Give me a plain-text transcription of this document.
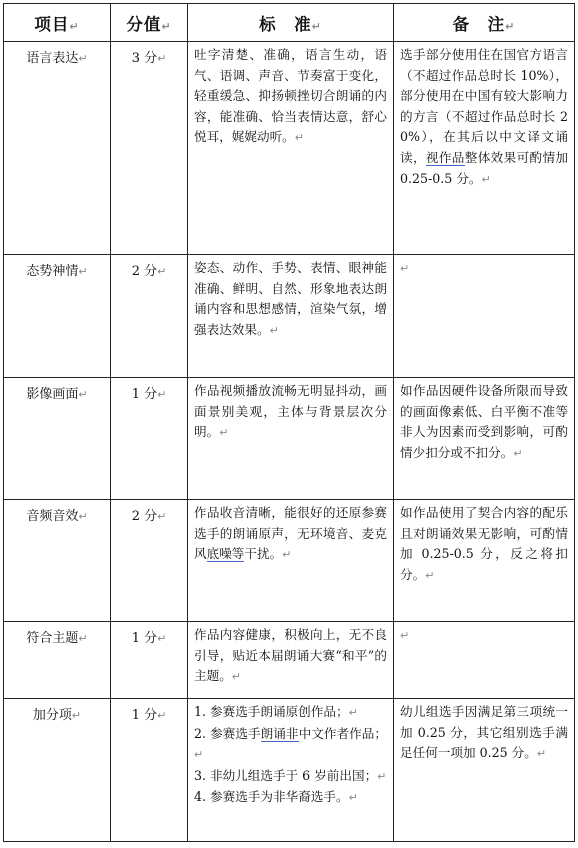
项目↵	分值↵	标　准↵	备　注↵
语言表达↵	3 分↵	吐字清楚、准确，语言生动，语气、语调、声音、节奏富于变化，轻重缓急、抑扬顿挫切合朗诵的内容，能准确、恰当表情达意，舒心悦耳，娓娓动听。↵	选手部分使用住在国官方语言（不超过作品总时长 10%），部分使用在中国有较大影响力的方言（不超过作品总时长 20%），在其后以中文译文诵读，视作品整体效果可酌情加 0.25-0.5 分。↵
态势神情↵	2 分↵	姿态、动作、手势、表情、眼神能准确、鲜明、自然、形象地表达朗诵内容和思想感情，渲染气氛，增强表达效果。↵	↵
影像画面↵	1 分↵	作品视频播放流畅无明显抖动，画面景别美观，主体与背景层次分明。↵	如作品因硬件设备所限而导致的画面像素低、白平衡不准等非人为因素而受到影响，可酌情少扣分或不扣分。↵
音频音效↵	2 分↵	作品收音清晰，能很好的还原参赛选手的朗诵原声，无环境音、麦克风底噪等干扰。↵	如作品使用了契合内容的配乐且对朗诵效果无影响，可酌情加 0.25-0.5 分，反之将扣分。↵
符合主题↵	1 分↵	作品内容健康，积极向上，无不良引导，贴近本届朗诵大赛“和平”的主题。↵	↵
加分项↵	1 分↵	1. 参赛选手朗诵原创作品；↵
2. 参赛选手朗诵非中文作者作品；↵
3. 非幼儿组选手于 6 岁前出国；↵
4. 参赛选手为非华裔选手。↵	幼儿组选手因满足第三项统一加 0.25 分，其它组别选手满足任何一项加 0.25 分。↵
